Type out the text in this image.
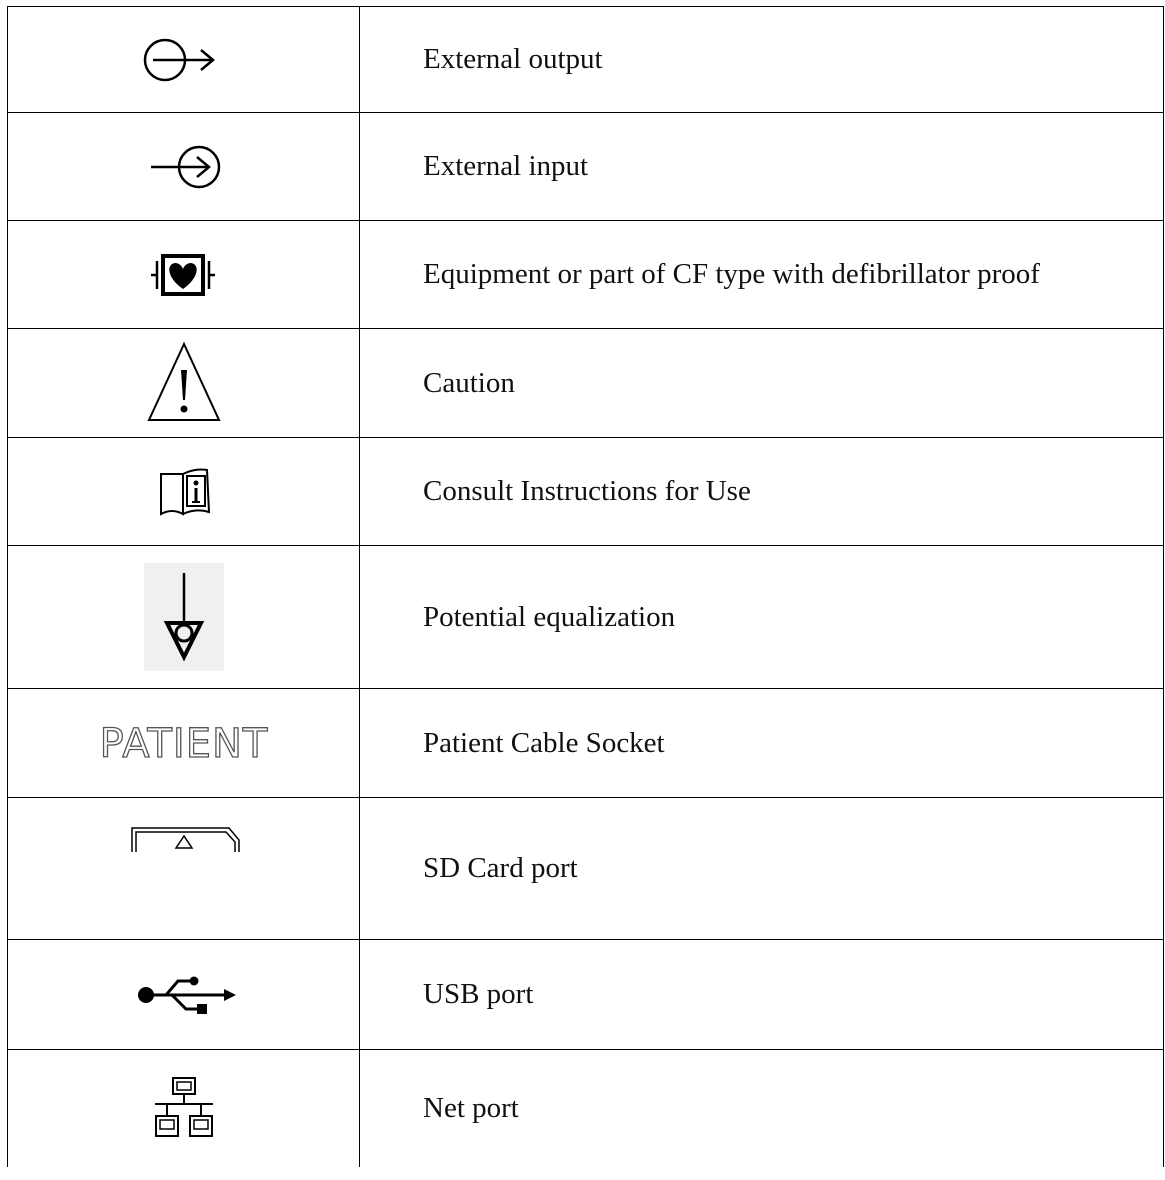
	External output

	External input

	Equipment or part of CF type with defibrillator proof

	Caution

	Consult Instructions for Use

	Potential equalization

PATIENT	Patient Cable Socket

	SD Card port

	USB port

	Net port
